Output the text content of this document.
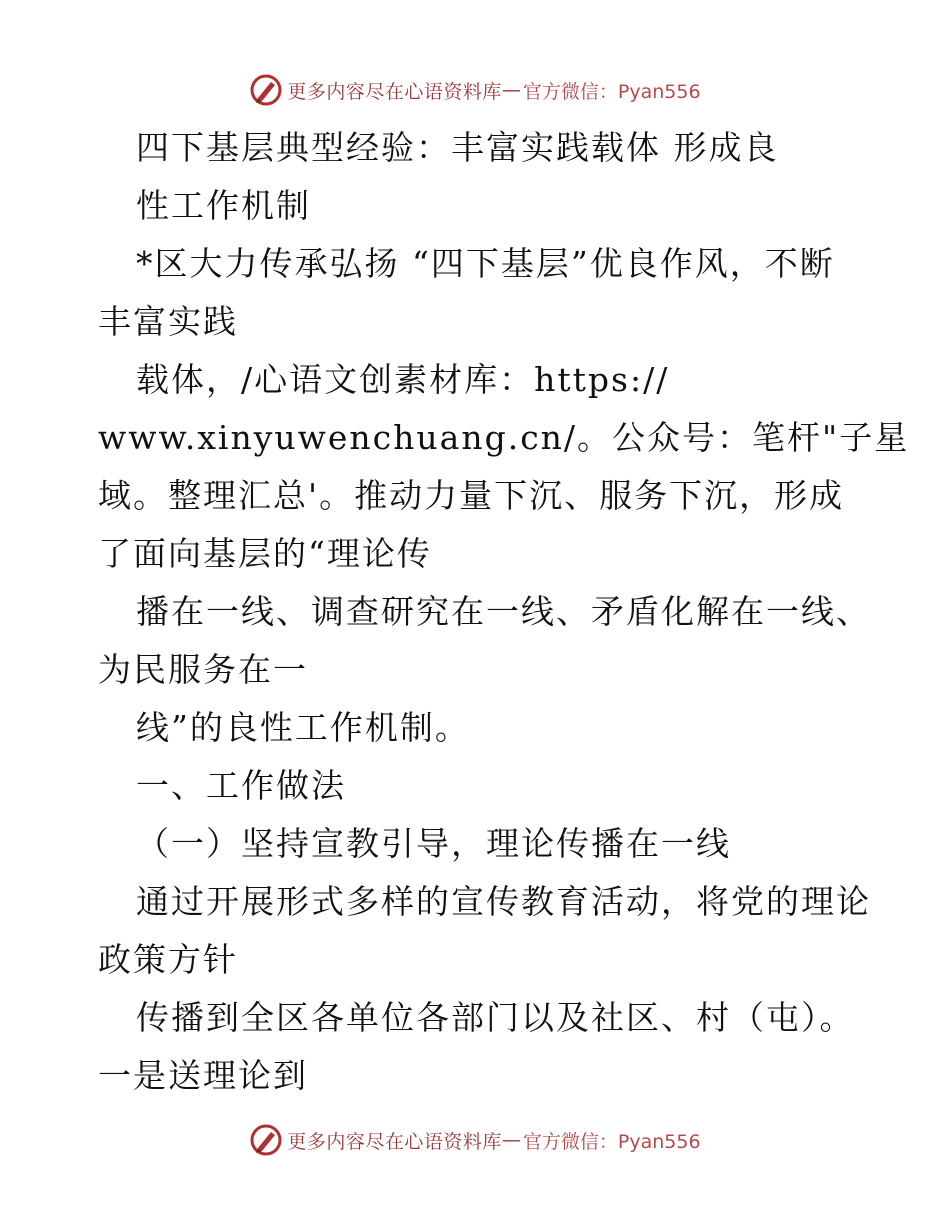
更多内容尽在心语资料库 — 官方微信：Pyan556
四下基层典型经验：丰富实践载体 形成良
性工作机制
*区大力传承弘扬 “四下基层”优良作风，不断
丰富实践
载体，/心语文创素材库：https://
www.xinyuwenchuang.cn/。公众号：笔杆"子星
域。整理汇总'。推动力量下沉、服务下沉，形成
了面向基层的“理论传
播在一线、调查研究在一线、矛盾化解在一线、
为民服务在一
线”的良性工作机制。
一、工作做法
（一）坚持宣教引导，理论传播在一线
通过开展形式多样的宣传教育活动，将党的理论
政策方针
传播到全区各单位各部门以及社区、村（屯）。
一是送理论到
更多内容尽在心语资料库 — 官方微信：Pyan556
